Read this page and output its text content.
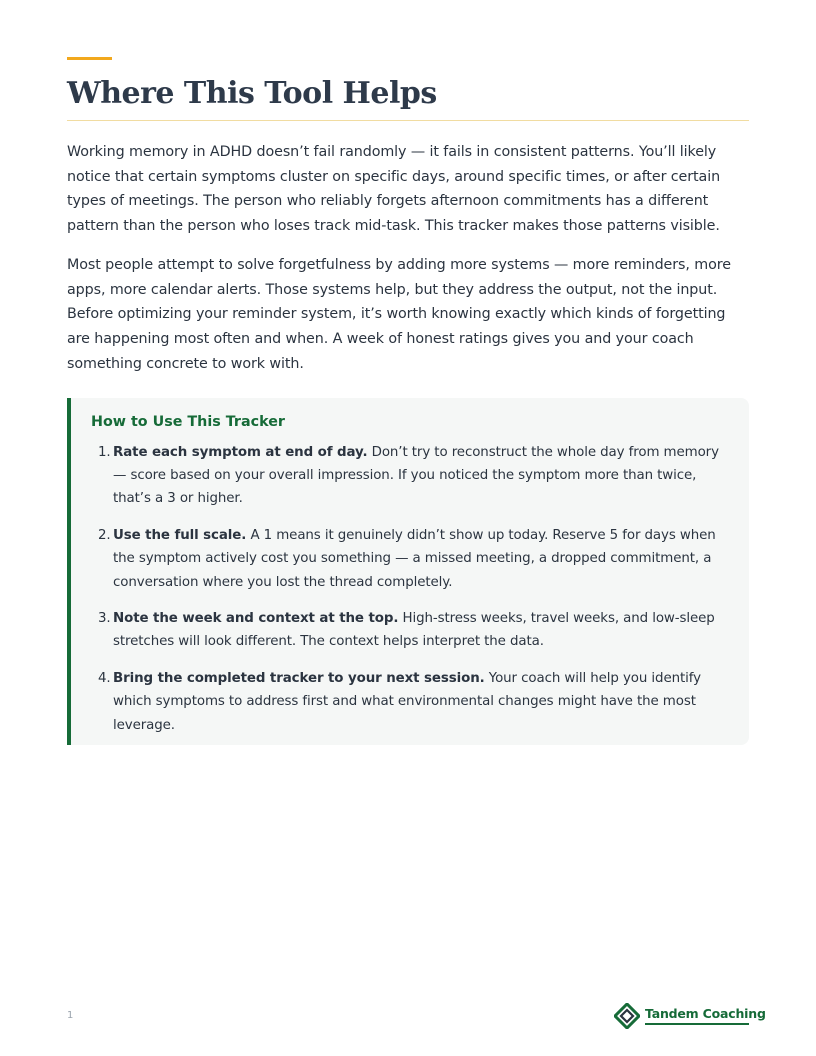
Where This Tool Helps

Working memory in ADHD doesn’t fail randomly — it fails in consistent patterns. You’ll likely notice that certain symptoms cluster on specific days, around specific times, or after certain types of meetings. The person who reliably forgets afternoon commitments has a different pattern than the person who loses track mid-task. This tracker makes those patterns visible.

Most people attempt to solve forgetfulness by adding more systems — more reminders, more apps, more calendar alerts. Those systems help, but they address the output, not the input. Before optimizing your reminder system, it’s worth knowing exactly which kinds of forgetting are happening most often and when. A week of honest ratings gives you and your coach something concrete to work with.

How to Use This Tracker
1. Rate each symptom at end of day. Don’t try to reconstruct the whole day from memory — score based on your overall impression. If you noticed the symptom more than twice, that’s a 3 or higher.
2. Use the full scale. A 1 means it genuinely didn’t show up today. Reserve 5 for days when the symptom actively cost you something — a missed meeting, a dropped commitment, a conversation where you lost the thread completely.
3. Note the week and context at the top. High-stress weeks, travel weeks, and low-sleep stretches will look different. The context helps interpret the data.
4. Bring the completed tracker to your next session. Your coach will help you identify which symptoms to address first and what environmental changes might have the most leverage.
1	Tandem Coaching
